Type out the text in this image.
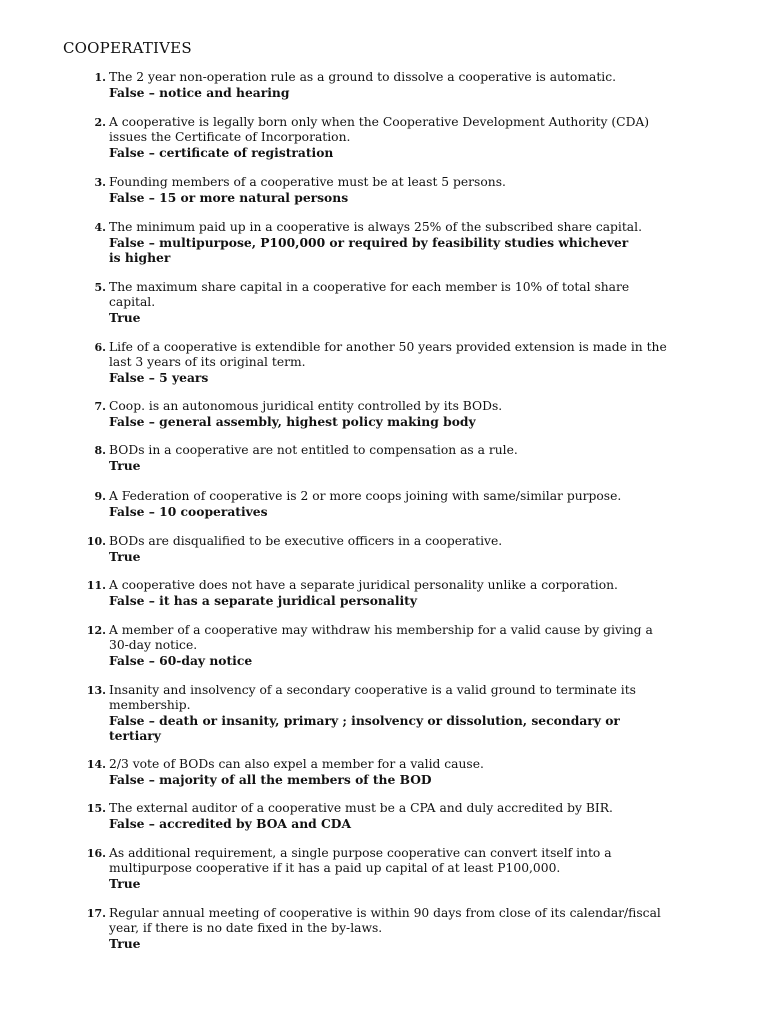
COOPERATIVES
1. The 2 year non-operation rule as a ground to dissolve a cooperative is automatic.
False – notice and hearing
2. A cooperative is legally born only when the Cooperative Development Authority (CDA)
issues the Certificate of Incorporation.
False – certificate of registration
3. Founding members of a cooperative must be at least 5 persons.
False – 15 or more natural persons
4. The minimum paid up in a cooperative is always 25% of the subscribed share capital.
False – multipurpose, P100,000 or required by feasibility studies whichever
is higher
5. The maximum share capital in a cooperative for each member is 10% of total share
capital.
True
6. Life of a cooperative is extendible for another 50 years provided extension is made in the
last 3 years of its original term.
False – 5 years
7. Coop. is an autonomous juridical entity controlled by its BODs.
False – general assembly, highest policy making body
8. BODs in a cooperative are not entitled to compensation as a rule.
True
9. A Federation of cooperative is 2 or more coops joining with same/similar purpose.
False – 10 cooperatives
10. BODs are disqualified to be executive officers in a cooperative.
True
11. A cooperative does not have a separate juridical personality unlike a corporation.
False – it has a separate juridical personality
12. A member of a cooperative may withdraw his membership for a valid cause by giving a
30-day notice.
False – 60-day notice
13. Insanity and insolvency of a secondary cooperative is a valid ground to terminate its
membership.
False – death or insanity, primary ; insolvency or dissolution, secondary or
tertiary
14. 2/3 vote of BODs can also expel a member for a valid cause.
False – majority of all the members of the BOD
15. The external auditor of a cooperative must be a CPA and duly accredited by BIR.
False – accredited by BOA and CDA
16. As additional requirement, a single purpose cooperative can convert itself into a
multipurpose cooperative if it has a paid up capital of at least P100,000.
True
17. Regular annual meeting of cooperative is within 90 days from close of its calendar/fiscal
year, if there is no date fixed in the by-laws.
True
